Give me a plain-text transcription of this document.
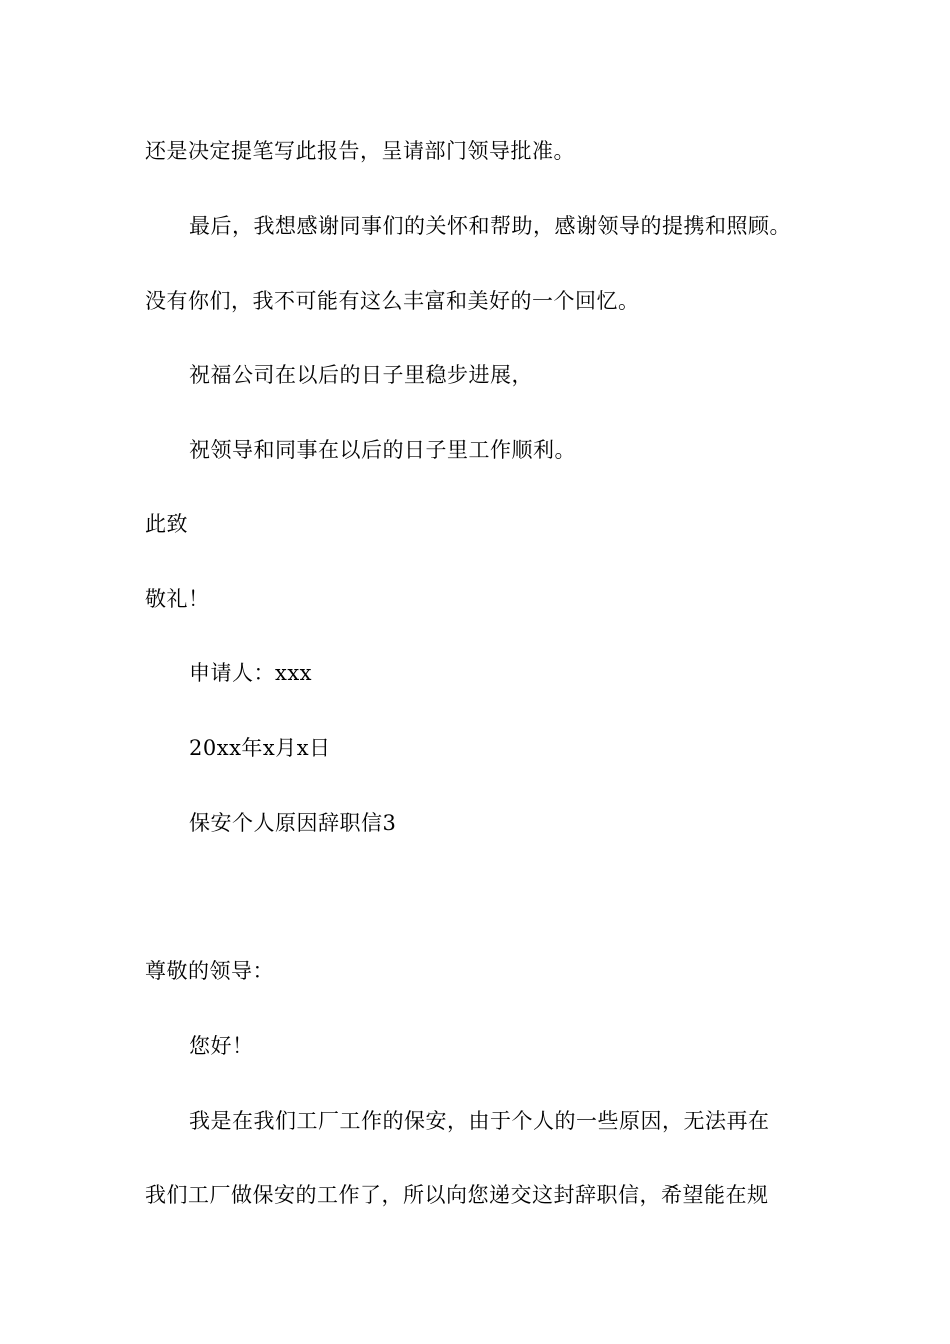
还是决定提笔写此报告，呈请部门领导批准。
最后，我想感谢同事们的关怀和帮助，感谢领导的提携和照顾。
没有你们，我不可能有这么丰富和美好的一个回忆。
祝福公司在以后的日子里稳步进展，
祝领导和同事在以后的日子里工作顺利。
此致
敬礼！
申请人：xxx
20xx年x月x日
保安个人原因辞职信3
尊敬的领导：
您好！
我是在我们工厂工作的保安，由于个人的一些原因，无法再在
我们工厂做保安的工作了，所以向您递交这封辞职信，希望能在规
